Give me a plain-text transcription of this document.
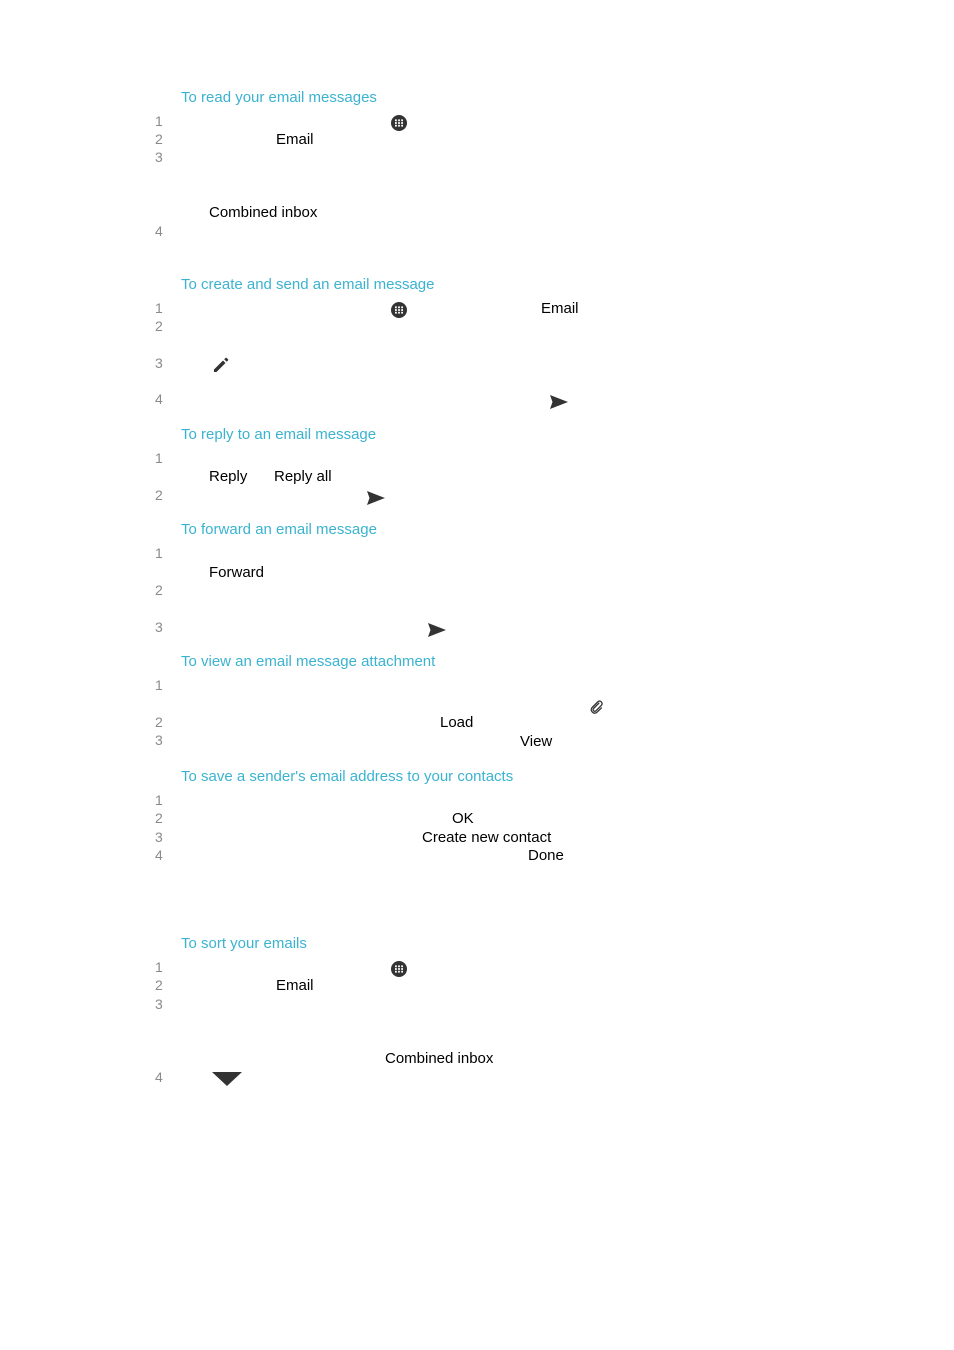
To read your email messages
1
2	Email
3
Combined inbox
4
To create and send an email message
1	Email
2
3
4
To reply to an email message
1
Reply Reply all
2
To forward an email message
1
Forward
2
3
To view an email message attachment
1
2	Load
3	View
To save a sender's email address to your contacts
1
2	OK
3	Create new contact
4	Done
To sort your emails
1
2	Email
3
Combined inbox
4
